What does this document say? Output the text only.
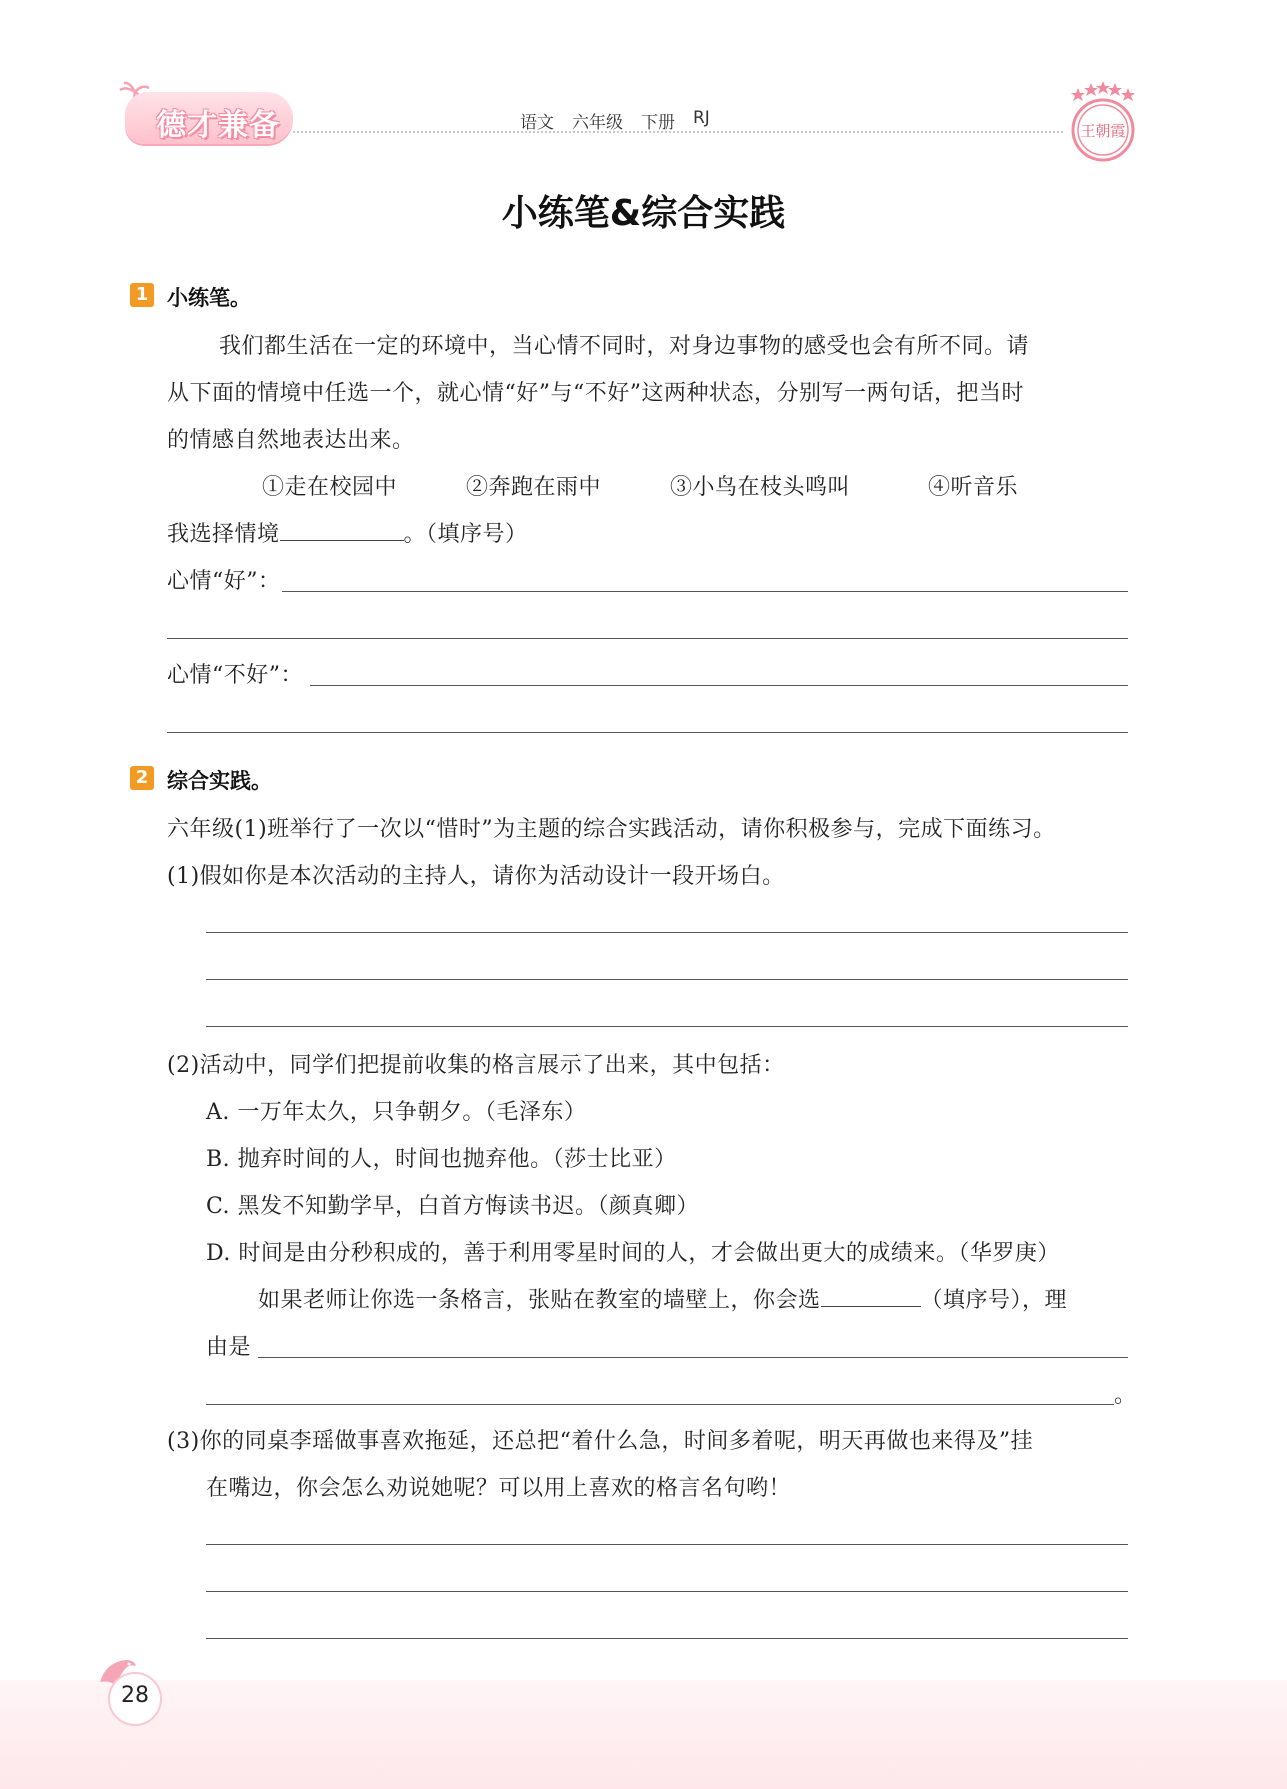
德才兼备	语文 六年级 下册 RJ
王朝霞
小练笔&综合实践
1 小练笔。
我们都生活在一定的环境中，当心情不同时，对身边事物的感受也会有所不同。请
从下面的情境中任选一个，就心情“好”与“不好”这两种状态，分别写一两句话，把当时
的情感自然地表达出来。
①走在校园中	②奔跑在雨中	③小鸟在枝头鸣叫	④听音乐
我选择情境	。（填序号）
心情“好”：
心情“不好”：
2 综合实践。
六年级(1)班举行了一次以“惜时”为主题的综合实践活动，请你积极参与，完成下面练习。
(1)假如你是本次活动的主持人，请你为活动设计一段开场白。
(2)活动中，同学们把提前收集的格言展示了出来，其中包括：
A. 一万年太久，只争朝夕。（毛泽东）
B. 抛弃时间的人，时间也抛弃他。（莎士比亚）
C. 黑发不知勤学早，白首方悔读书迟。（颜真卿）
D. 时间是由分秒积成的，善于利用零星时间的人，才会做出更大的成绩来。（华罗庚）
如果老师让你选一条格言，张贴在教室的墙壁上，你会选	（填序号），理
由是
。
(3)你的同桌李瑶做事喜欢拖延，还总把“着什么急，时间多着呢，明天再做也来得及”挂
在嘴边，你会怎么劝说她呢？可以用上喜欢的格言名句哟！
28
